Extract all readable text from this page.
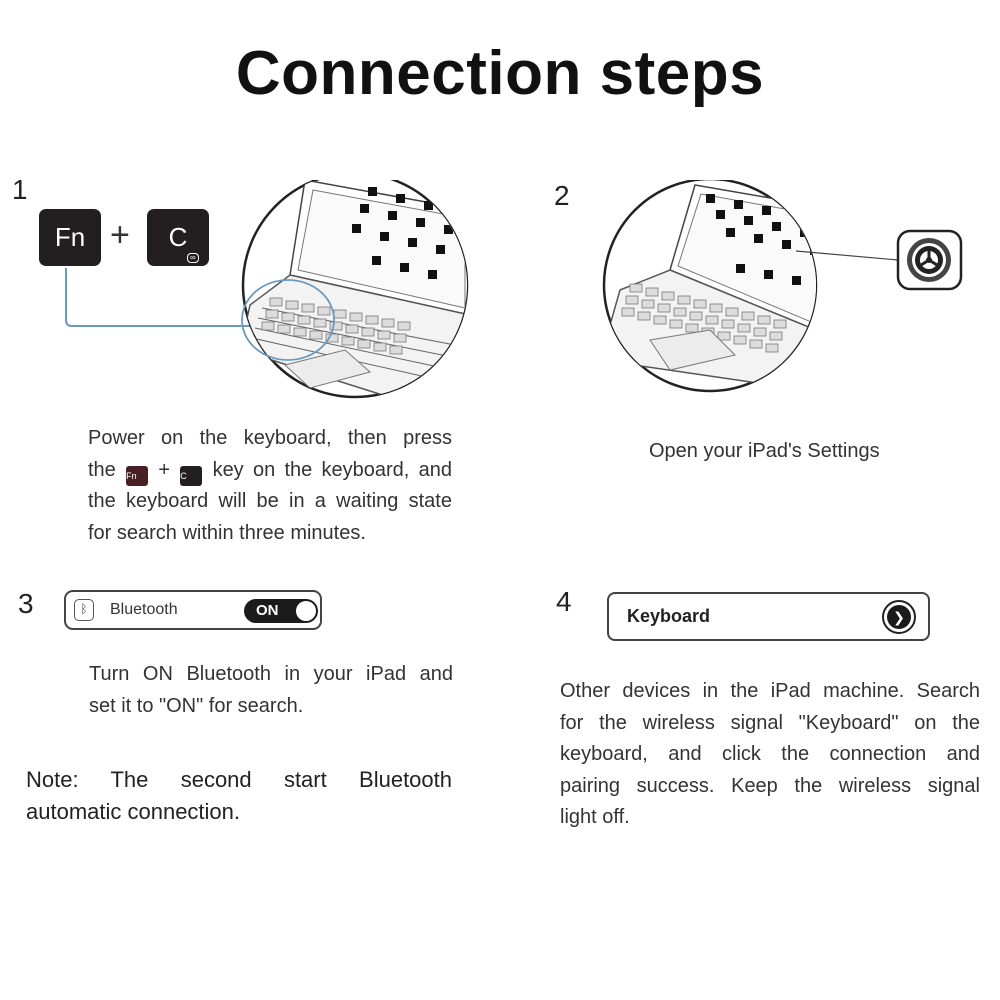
Connection steps
1
Fn + C
∞
Power on the keyboard, then press
the Fn + C key on the keyboard, and
the keyboard will be in a waiting state
for search within three minutes.
2
Open your iPad's Settings
3	ᛒ	Bluetooth	ON
Turn ON Bluetooth in your iPad and
set it to "ON" for search.
4	Keyboard	❯
Other devices in the iPad machine. Search
for the wireless signal "Keyboard" on the
keyboard, and click the connection and
pairing success. Keep the wireless signal
light off.
Note: The second start Bluetooth
automatic connection.
